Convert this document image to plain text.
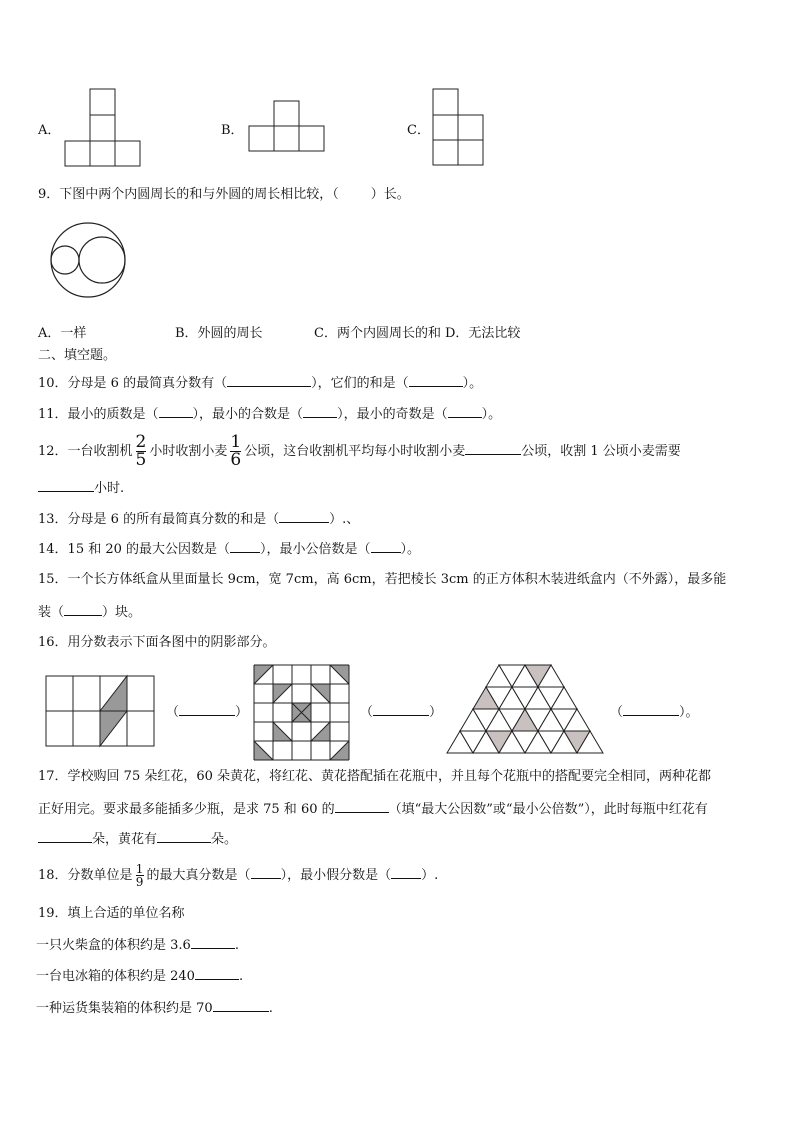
A．	B．	C．
9．下图中两个内圆周长的和与外圆的周长相比较，（ ）长。
A．一样	B．外圆的周长	C．两个内圆周长的和 D．无法比较
二、填空题。
10．分母是 6 的最简真分数有（	），它们的和是（	）。
11．最小的质数是（	），最小的合数是（	），最小的奇数是（	）。
12．一台收割机 $\frac{2}{5}$ 小时收割小麦 $\frac{1}{6}$ 公顷，这台收割机平均每小时收割小麦	公顷，收割 1 公顷小麦需要
小时.
13．分母是 6 的所有最简真分数的和是（	）.、
14．15 和 20 的最大公因数是（ ），最小公倍数是（ ）。
15．一个长方体纸盒从里面量长 9cm，宽 7cm，高 6cm，若把棱长 3cm 的正方体积木装进纸盒内（不外露），最多能
装（	）块。
16．用分数表示下面各图中的阴影部分。
（	）	（	）	（	）。
17．学校购回 75 朵红花，60 朵黄花，将红花、黄花搭配插在花瓶中，并且每个花瓶中的搭配要完全相同，两种花都
正好用完。要求最多能插多少瓶，是求 75 和 60 的	（填“最大公因数”或“最小公倍数”），此时每瓶中红花有
朵，黄花有	朵。
18．分数单位是 $\frac{1}{9}$ 的最大真分数是（ ），最小假分数是（ ）.
19．填上合适的单位名称
一只火柴盒的体积约是 3.6	.
一台电冰箱的体积约是 240	.
一种运货集装箱的体积约是 70	.
